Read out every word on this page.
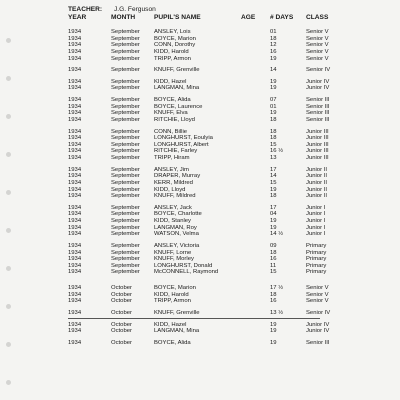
TEACHER: J.G. Ferguson
YEAR	MONTH	PUPIL'S NAME	AGE # DAYS CLASS
1934	September ANSLEY, Lois	01	Senior V
1934	September BOYCE, Marion	18	Senior V
1934	September CONN, Dorothy	12	Senior V
1934	September KIDD, Harold	16	Senior V
1934	September TRIPP, Armon	19	Senior V
1934	September KNUFF, Grenville	14	Senior IV
1934	September KIDD, Hazel	19	Junior IV
1934	September LANGMAN, Mina	19	Junior IV
1934	September BOYCE, Alida	07	Senior III
1934	September BOYCE, Laurence	01	Senior III
1934	September KNUFF, Elva	19	Senior III
1934	September RITCHIE, Lloyd	18	Senior III
1934	September CONN, Billie	18	Junior III
1934	September LONGHURST, Eoulyia	18	Junior III
1934	September LONGHURST, Albert	15	Junior III
1934	September RITCHIE, Farley	16 ½	Junior III
1934	September TRIPP, Hiram	13	Junior III
1934	September ANSLEY, Jim	17	Junior II
1934	September DRAPER, Murray	14	Junior II
1934	September KERR, Mildred	15	Junior II
1934	September KIDD, Lloyd	19	Junior II
1934	September KNUFF, Mildred	18	Junior II
1934	September ANSLEY, Jack	17	Junior I
1934	September BOYCE, Charlotte	04	Junior I
1934	September KIDD, Stanley	19	Junior I
1934	September LANGMAN, Roy	19	Junior I
1934	September WATSON, Velma	14 ½	Junior I
1934	September ANSLEY, Victoria	09	Primary
1934	September KNUFF, Lorne	18	Primary
1934	September KNUFF, Morley	16	Primary
1934	September LONGHURST, Donald	11	Primary
1934	September McCONNELL, Raymond	15	Primary
1934	October	BOYCE, Marion	17 ½	Senior V
1934	October	KIDD, Harold	18	Senior V
1934	October	TRIPP, Armon	16	Senior V
1934	October	KNUFF, Grenville	13 ½	Senior IV
1934	October	KIDD, Hazel	19	Junior IV
1934	October	LANGMAN, Mina	19	Junior IV
1934	October	BOYCE, Alida	19	Senior III
